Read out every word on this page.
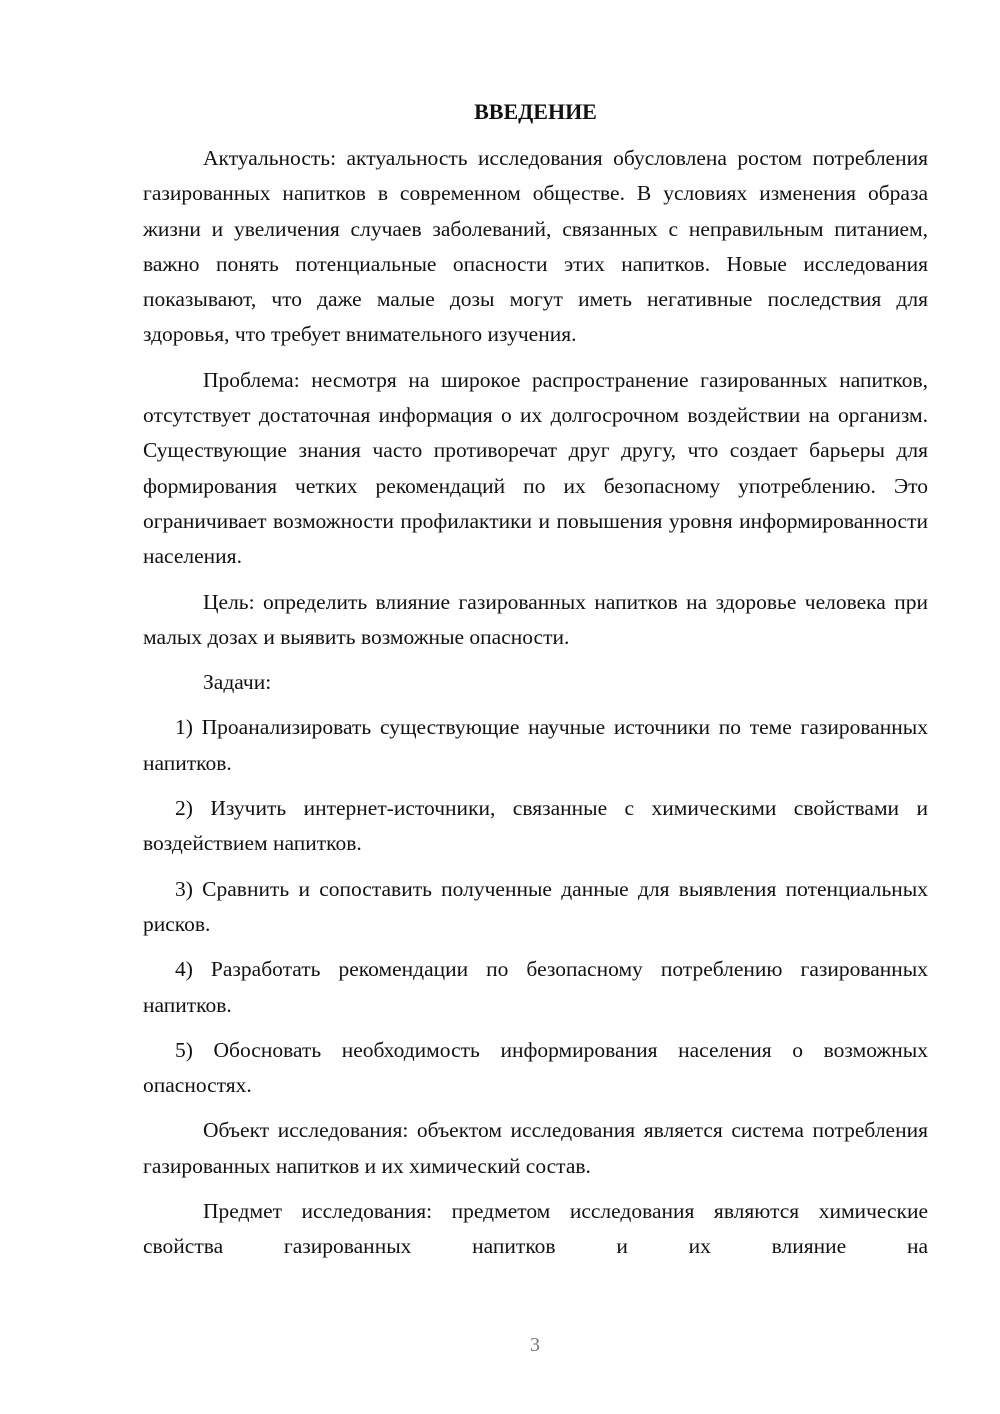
ВВЕДЕНИЕ

Актуальность: актуальность исследования обусловлена ростом потребления газированных напитков в современном обществе. В условиях изменения образа жизни и увеличения случаев заболеваний, связанных с неправильным питанием, важно понять потенциальные опасности этих напитков. Новые исследования показывают, что даже малые дозы могут иметь негативные последствия для здоровья, что требует внимательного изучения.

Проблема: несмотря на широкое распространение газированных напитков, отсутствует достаточная информация о их долгосрочном воздействии на организм. Существующие знания часто противоречат друг другу, что создает барьеры для формирования четких рекомендаций по их безопасному употреблению. Это ограничивает возможности профилактики и повышения уровня информированности населения.

Цель: определить влияние газированных напитков на здоровье человека при малых дозах и выявить возможные опасности.

Задачи:

1) Проанализировать существующие научные источники по теме газированных напитков.

2) Изучить интернет-источники, связанные с химическими свойствами и воздействием напитков.

3) Сравнить и сопоставить полученные данные для выявления потенциальных рисков.

4) Разработать рекомендации по безопасному потреблению газированных напитков.

5) Обосновать необходимость информирования населения о возможных опасностях.

Объект исследования: объектом исследования является система потребления газированных напитков и их химический состав.

Предмет исследования: предметом исследования являются химические свойства газированных напитков и их влияние на

3
